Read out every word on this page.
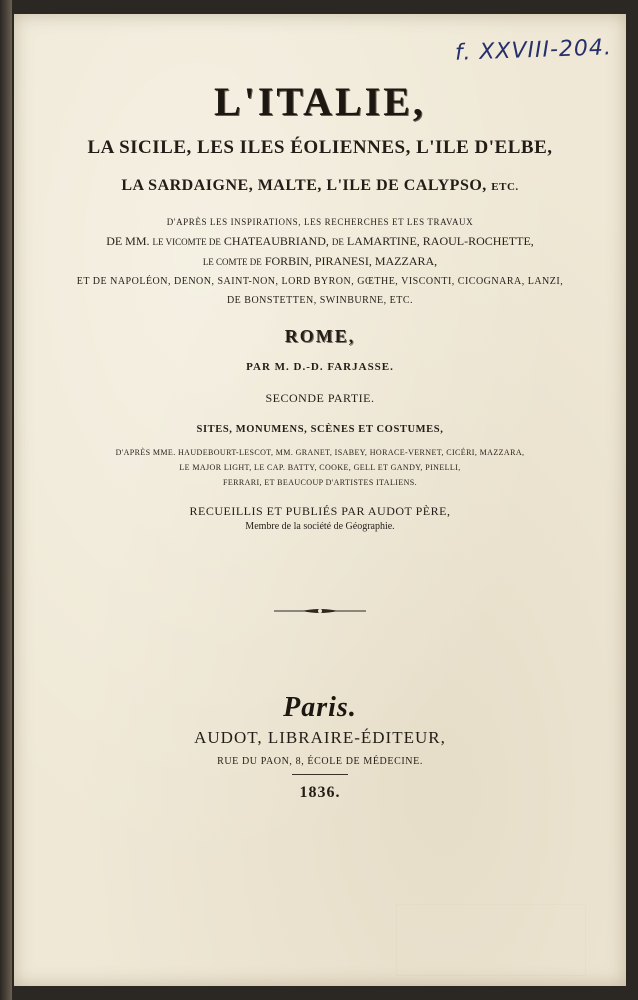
f. XXVIII-204.

L'ITALIE,

LA SICILE, LES ILES ÉOLIENNES, L'ILE D'ELBE,

LA SARDAIGNE, MALTE, L'ILE DE CALYPSO, ETC.

D'APRÈS LES INSPIRATIONS, LES RECHERCHES ET LES TRAVAUX

DE MM. LE VICOMTE DE CHATEAUBRIAND, DE LAMARTINE, RAOUL-ROCHETTE,

LE COMTE DE FORBIN, PIRANESI, MAZZARA,

ET DE NAPOLÉON, DENON, SAINT-NON, LORD BYRON, GŒTHE, VISCONTI, CICOGNARA, LANZI,

DE BONSTETTEN, SWINBURNE, ETC.

ROME,

PAR M. D.-D. FARJASSE.

SECONDE PARTIE.

SITES, MONUMENS, SCÈNES ET COSTUMES,

D'APRÈS MME. HAUDEBOURT-LESCOT, MM. GRANET, ISABEY, HORACE-VERNET, CICÉRI, MAZZARA,

LE MAJOR LIGHT, LE CAP. BATTY, COOKE, GELL ET GANDY, PINELLI,

FERRARI, ET BEAUCOUP D'ARTISTES ITALIENS.

RECUEILLIS ET PUBLIÉS PAR AUDOT PÈRE,

Membre de la société de Géographie.

Paris.

AUDOT, LIBRAIRE-ÉDITEUR,

RUE DU PAON, 8, ÉCOLE DE MÉDECINE.

1836.
